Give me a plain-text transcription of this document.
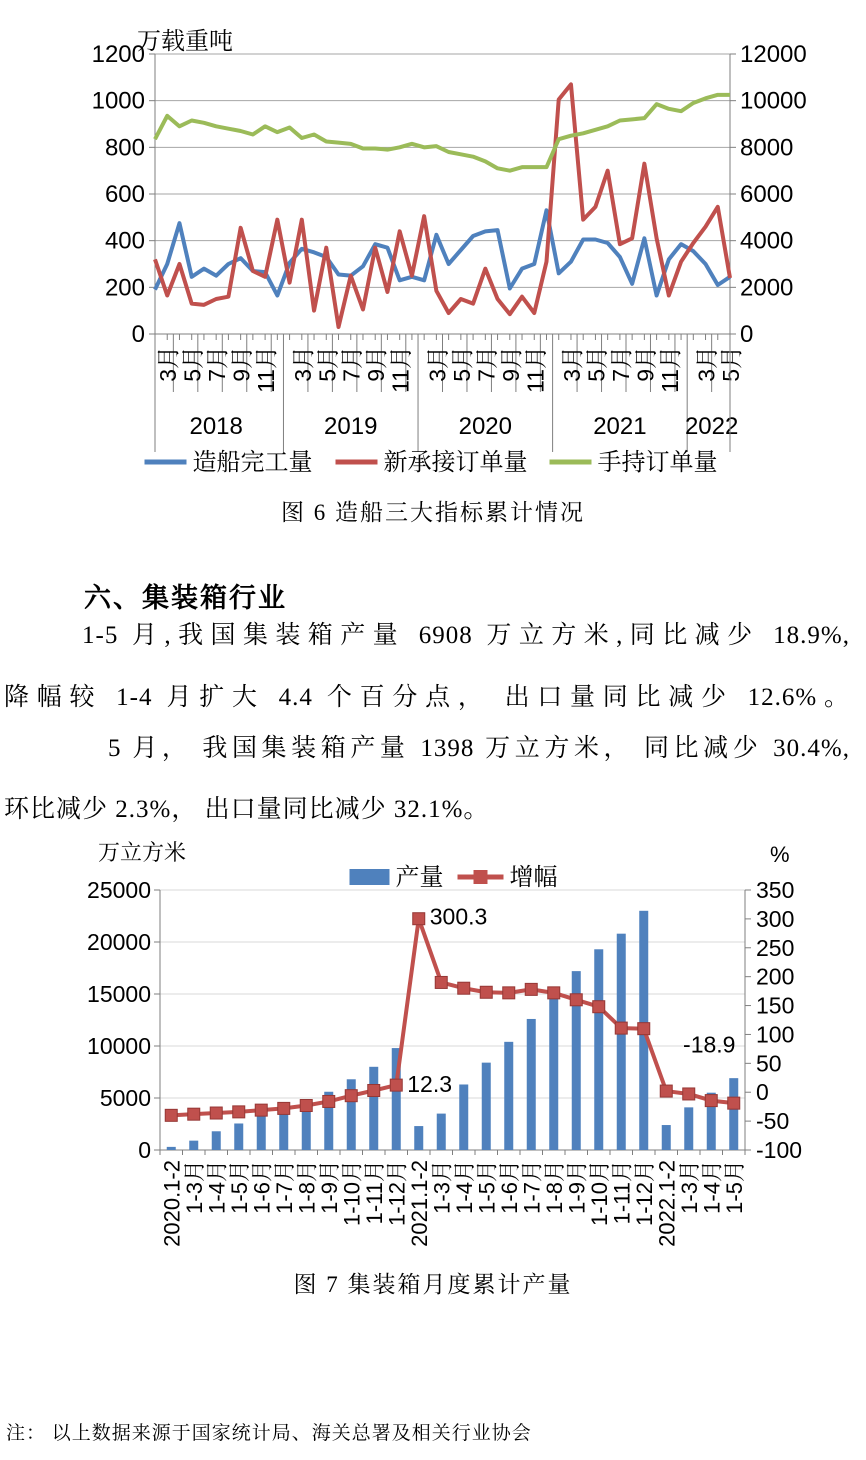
0
200
400
600
800
1000
1200
0
2000
4000
6000
8000
10000
12000
万载重吨
3月
5月
7月
9月
11月
2018
3月
5月
7月
9月
11月
2019
3月
5月
7月
9月
11月
2020
3月
5月
7月
9月
11月
2021
3月
5月
2022
造船完工量	新承接订单量	手持订单量
图 6 造船三大指标累计情况
六、集装箱行业
1-5 月,我国集装箱产量 6908 万立方米,同比减少 18.9%,
降幅较 1-4 月扩大 4.4 个百分点， 出口量同比减少 12.6%。
5 月， 我国集装箱产量 1398 万立方米， 同比减少 30.4%,
环比减少 2.3%， 出口量同比减少 32.1%。
0
5000
10000
15000
20000
25000
-100
-50
0
50
100
150
200
250
300
350
万立方米	%
300.3
12.3
-18.9
2020.1-2
1-3月
1-4月
1-5月
1-6月
1-7月
1-8月
1-9月
1-10月
1-11月
1-12月
2021.1-2
1-3月
1-4月
1-5月
1-6月
1-7月
1-8月
1-9月
1-10月
1-11月
1-12月
2022.1-2
1-3月
1-4月
1-5月
产量	增幅
图 7 集装箱月度累计产量
注： 以上数据来源于国家统计局、海关总署及相关行业协会
